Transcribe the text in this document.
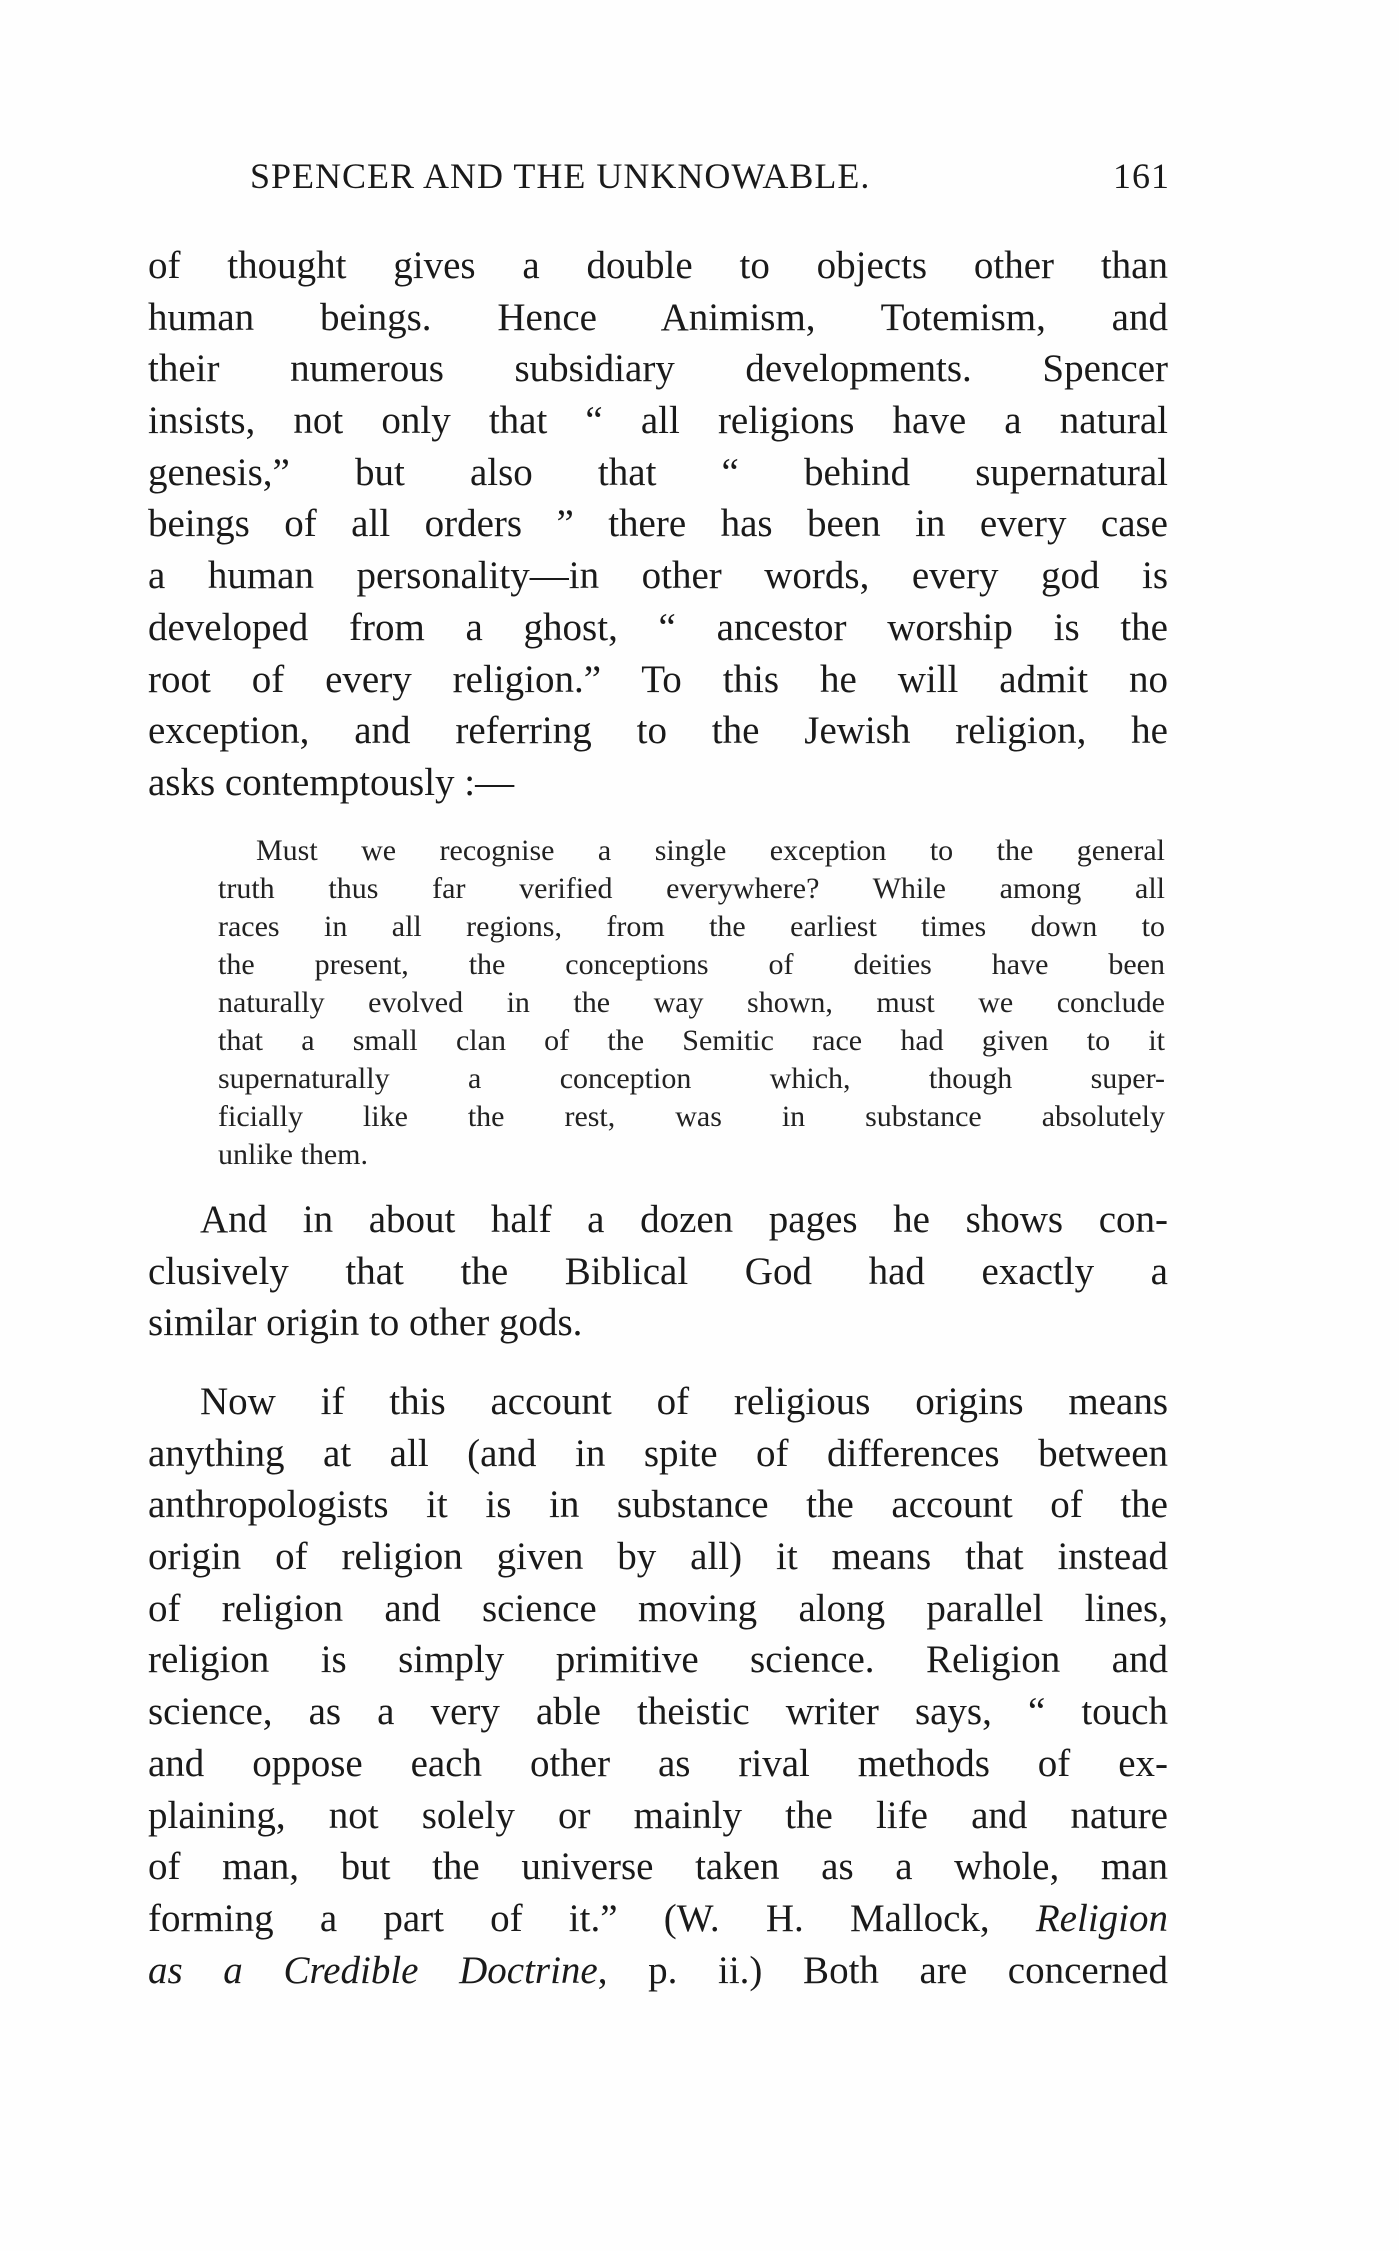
SPENCER AND THE UNKNOWABLE.	161
of thought gives a double to objects other than
human beings. Hence Animism, Totemism, and
their numerous subsidiary developments. Spencer
insists, not only that “ all religions have a natural
genesis,” but also that “ behind supernatural
beings of all orders ” there has been in every case
a human personality—in other words, every god is
developed from a ghost, “ ancestor worship is the
root of every religion.” To this he will admit no
exception, and referring to the Jewish religion, he
asks contemptously :—
Must we recognise a single exception to the general
truth thus far verified everywhere? While among all
races in all regions, from the earliest times down to
the present, the conceptions of deities have been
naturally evolved in the way shown, must we conclude
that a small clan of the Semitic race had given to it
supernaturally a conception which, though super-
ficially like the rest, was in substance absolutely
unlike them.
And in about half a dozen pages he shows con-
clusively that the Biblical God had exactly a
similar origin to other gods.
Now if this account of religious origins means
anything at all (and in spite of differences between
anthropologists it is in substance the account of the
origin of religion given by all) it means that instead
of religion and science moving along parallel lines,
religion is simply primitive science. Religion and
science, as a very able theistic writer says, “ touch
and oppose each other as rival methods of ex-
plaining, not solely or mainly the life and nature
of man, but the universe taken as a whole, man
forming a part of it.” (W. H. Mallock, Religion
as a Credible Doctrine, p. ii.) Both are concerned
